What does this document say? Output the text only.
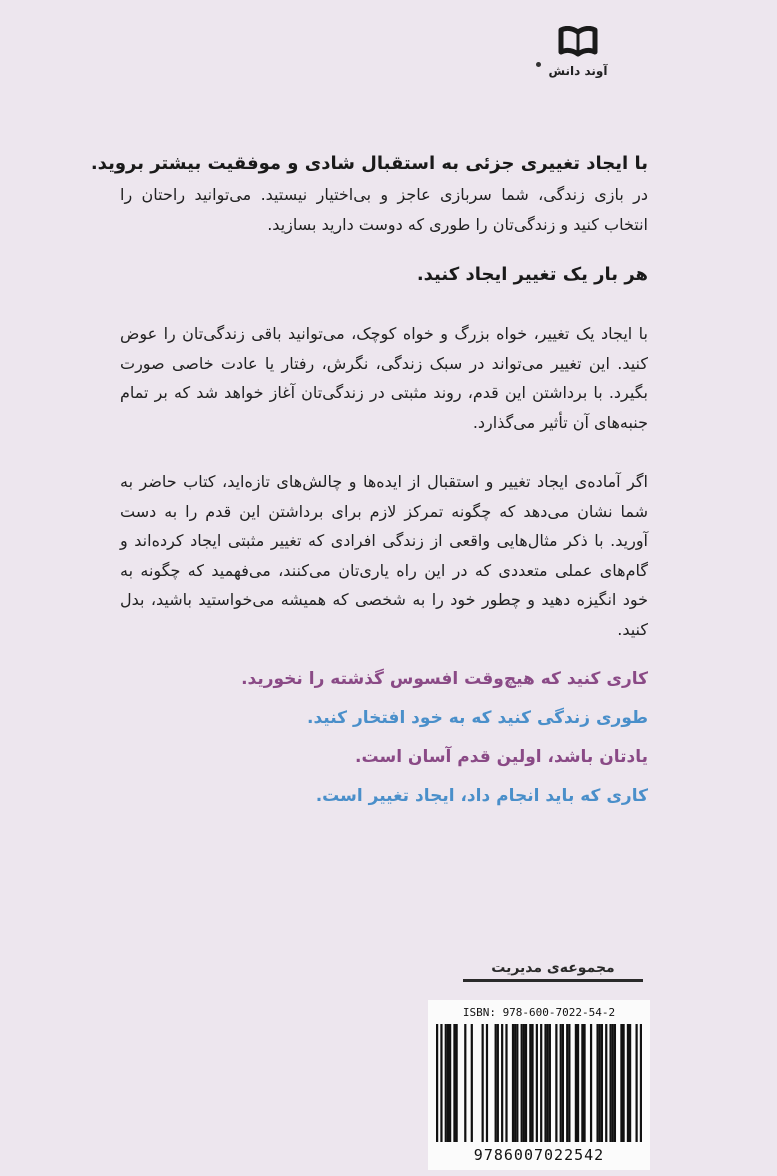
آوند دانش

با ایجاد تغییری جزئی به استقبال شادی و موفقیت بیشتر بروید.

در بازی زندگی، شما سربازی عاجز و بی‌اختیار نیستید. می‌توانید راحتان را انتخاب کنید و زندگی‌تان را طوری که دوست دارید بسازید.

هر بار یک تغییر ایجاد کنید.

با ایجاد یک تغییر، خواه بزرگ و خواه کوچک، می‌توانید باقی زندگی‌تان را عوض کنید. این تغییر می‌تواند در سبک زندگی، نگرش، رفتار یا عادت خاصی صورت بگیرد. با برداشتن این قدم، روند مثبتی در زندگی‌تان آغاز خواهد شد که بر تمام جنبه‌های آن تأثیر می‌گذارد.

اگر آماده‌ی ایجاد تغییر و استقبال از ایده‌ها و چالش‌های تازه‌اید، کتاب حاضر به شما نشان می‌دهد که چگونه تمرکز لازم برای برداشتن این قدم را به دست آورید. با ذکر مثال‌هایی واقعی از زندگی افرادی که تغییر مثبتی ایجاد کرده‌اند و گام‌های عملی متعددی که در این راه یاری‌تان می‌کنند، می‌فهمید که چگونه به خود انگیزه دهید و چطور خود را به شخصی که همیشه می‌خواستید باشید، بدل کنید.

کاری کنید که هیچ‌وقت افسوس گذشته را نخورید.

طوری زندگی کنید که به خود افتخار کنید.

یادتان باشد، اولین قدم آسان است.

کاری که باید انجام داد، ایجاد تغییر است.

مجموعه‌ی مدیریت
ISBN: 978-600-7022-54-2
9786007022542
